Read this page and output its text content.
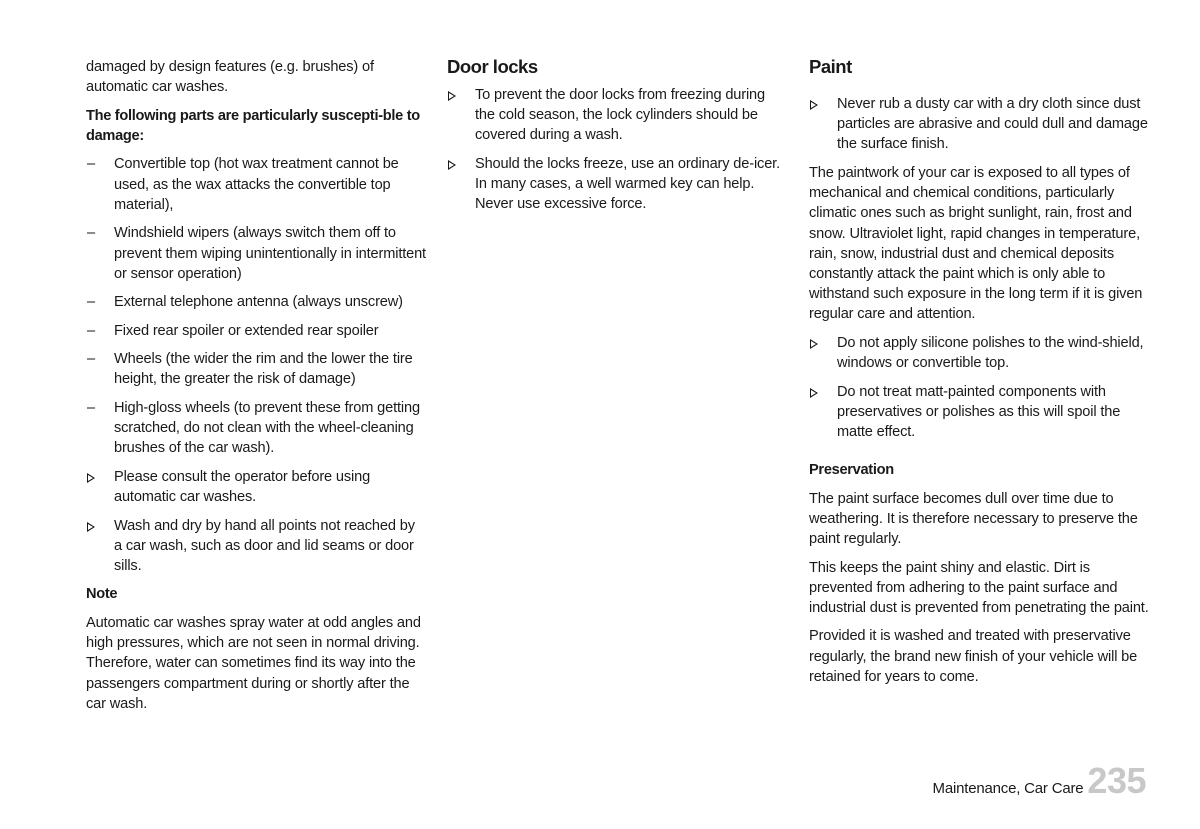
damaged by design features (e.g. brushes) of automatic car washes.

The following parts are particularly suscepti-ble to damage:
–	Convertible top (hot wax treatment cannot be used, as the wax attacks the convertible top material),
–	Windshield wipers (always switch them off to prevent them wiping unintentionally in intermittent or sensor operation)
–	External telephone antenna (always unscrew)
–	Fixed rear spoiler or extended rear spoiler
–	Wheels (the wider the rim and the lower the tire height, the greater the risk of damage)
–	High-gloss wheels (to prevent these from getting scratched, do not clean with the wheel-cleaning brushes of the car wash).
Please consult the operator before using automatic car washes.
Wash and dry by hand all points not reached by a car wash, such as door and lid seams or door sills.
Note

Automatic car washes spray water at odd angles and high pressures, which are not seen in normal driving. Therefore, water can sometimes find its way into the passengers compartment during or shortly after the car wash.

Door locks
To prevent the door locks from freezing during the cold season, the lock cylinders should be covered during a wash.
Should the locks freeze, use an ordinary de-icer. In many cases, a well warmed key can help. Never use excessive force.
Paint
Never rub a dusty car with a dry cloth since dust particles are abrasive and could dull and damage the surface finish.

The paintwork of your car is exposed to all types of mechanical and chemical conditions, particularly climatic ones such as bright sunlight, rain, frost and snow. Ultraviolet light, rapid changes in temperature, rain, snow, industrial dust and chemical deposits constantly attack the paint which is only able to withstand such exposure in the long term if it is given regular care and attention.

Do not apply silicone polishes to the wind-shield, windows or convertible top.
Do not treat matt-painted components with preservatives or polishes as this will spoil the matte effect.
Preservation

The paint surface becomes dull over time due to weathering. It is therefore necessary to preserve the paint regularly.

This keeps the paint shiny and elastic. Dirt is prevented from adhering to the paint surface and industrial dust is prevented from penetrating the paint.

Provided it is washed and treated with preservative regularly, the brand new finish of your vehicle will be retained for years to come.

Maintenance, Car Care 235
